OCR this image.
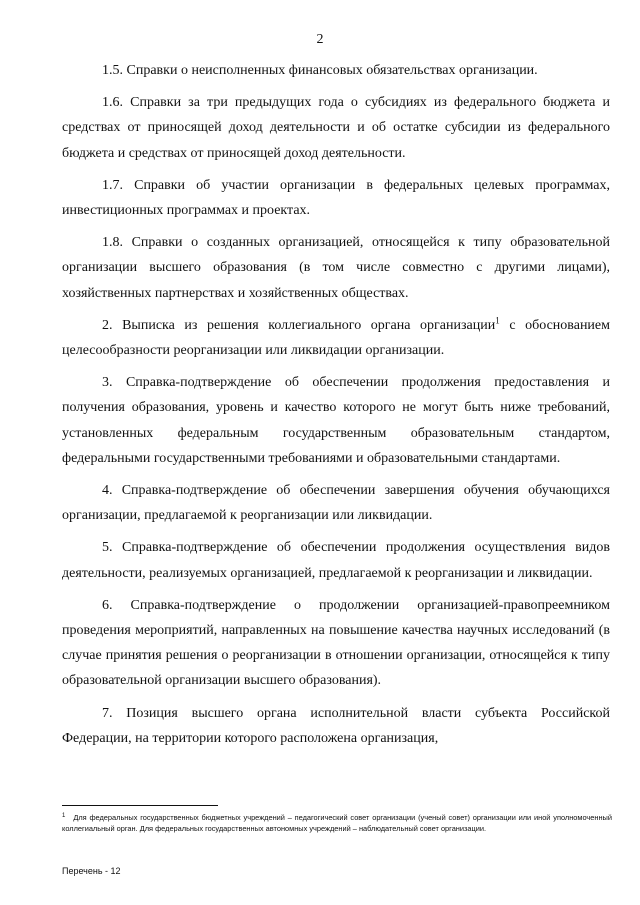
2

1.5. Справки о неисполненных финансовых обязательствах организации.

1.6. Справки за три предыдущих года о субсидиях из федерального бюджета и средствах от приносящей доход деятельности и об остатке субсидии из федерального бюджета и средствах от приносящей доход деятельности.

1.7. Справки об участии организации в федеральных целевых программах, инвестиционных программах и проектах.

1.8. Справки о созданных организацией, относящейся к типу образовательной организации высшего образования (в том числе совместно с другими лицами), хозяйственных партнерствах и хозяйственных обществах.

2. Выписка из решения коллегиального органа организации$^1$ с обоснованием целесообразности реорганизации или ликвидации организации.

3. Справка-подтверждение об обеспечении продолжения предоставления и получения образования, уровень и качество которого не могут быть ниже требований, установленных федеральным государственным образовательным стандартом, федеральными государственными требованиями и образовательными стандартами.

4. Справка-подтверждение об обеспечении завершения обучения обучающихся организации, предлагаемой к реорганизации или ликвидации.

5. Справка-подтверждение об обеспечении продолжения осуществления видов деятельности, реализуемых организацией, предлагаемой к реорганизации и ликвидации.

6. Справка-подтверждение о продолжении организацией-правопреемником проведения мероприятий, направленных на повышение качества научных исследований (в случае принятия решения о реорганизации в отношении организации, относящейся к типу образовательной организации высшего образования).

7. Позиция высшего органа исполнительной власти субъекта Российской Федерации, на территории которого расположена организация,

$^1$ Для федеральных государственных бюджетных учреждений – педагогический совет организации (ученый совет) организации или иной уполномоченный коллегиальный орган. Для федеральных государственных автономных учреждений – наблюдательный совет организации.
Перечень - 12
